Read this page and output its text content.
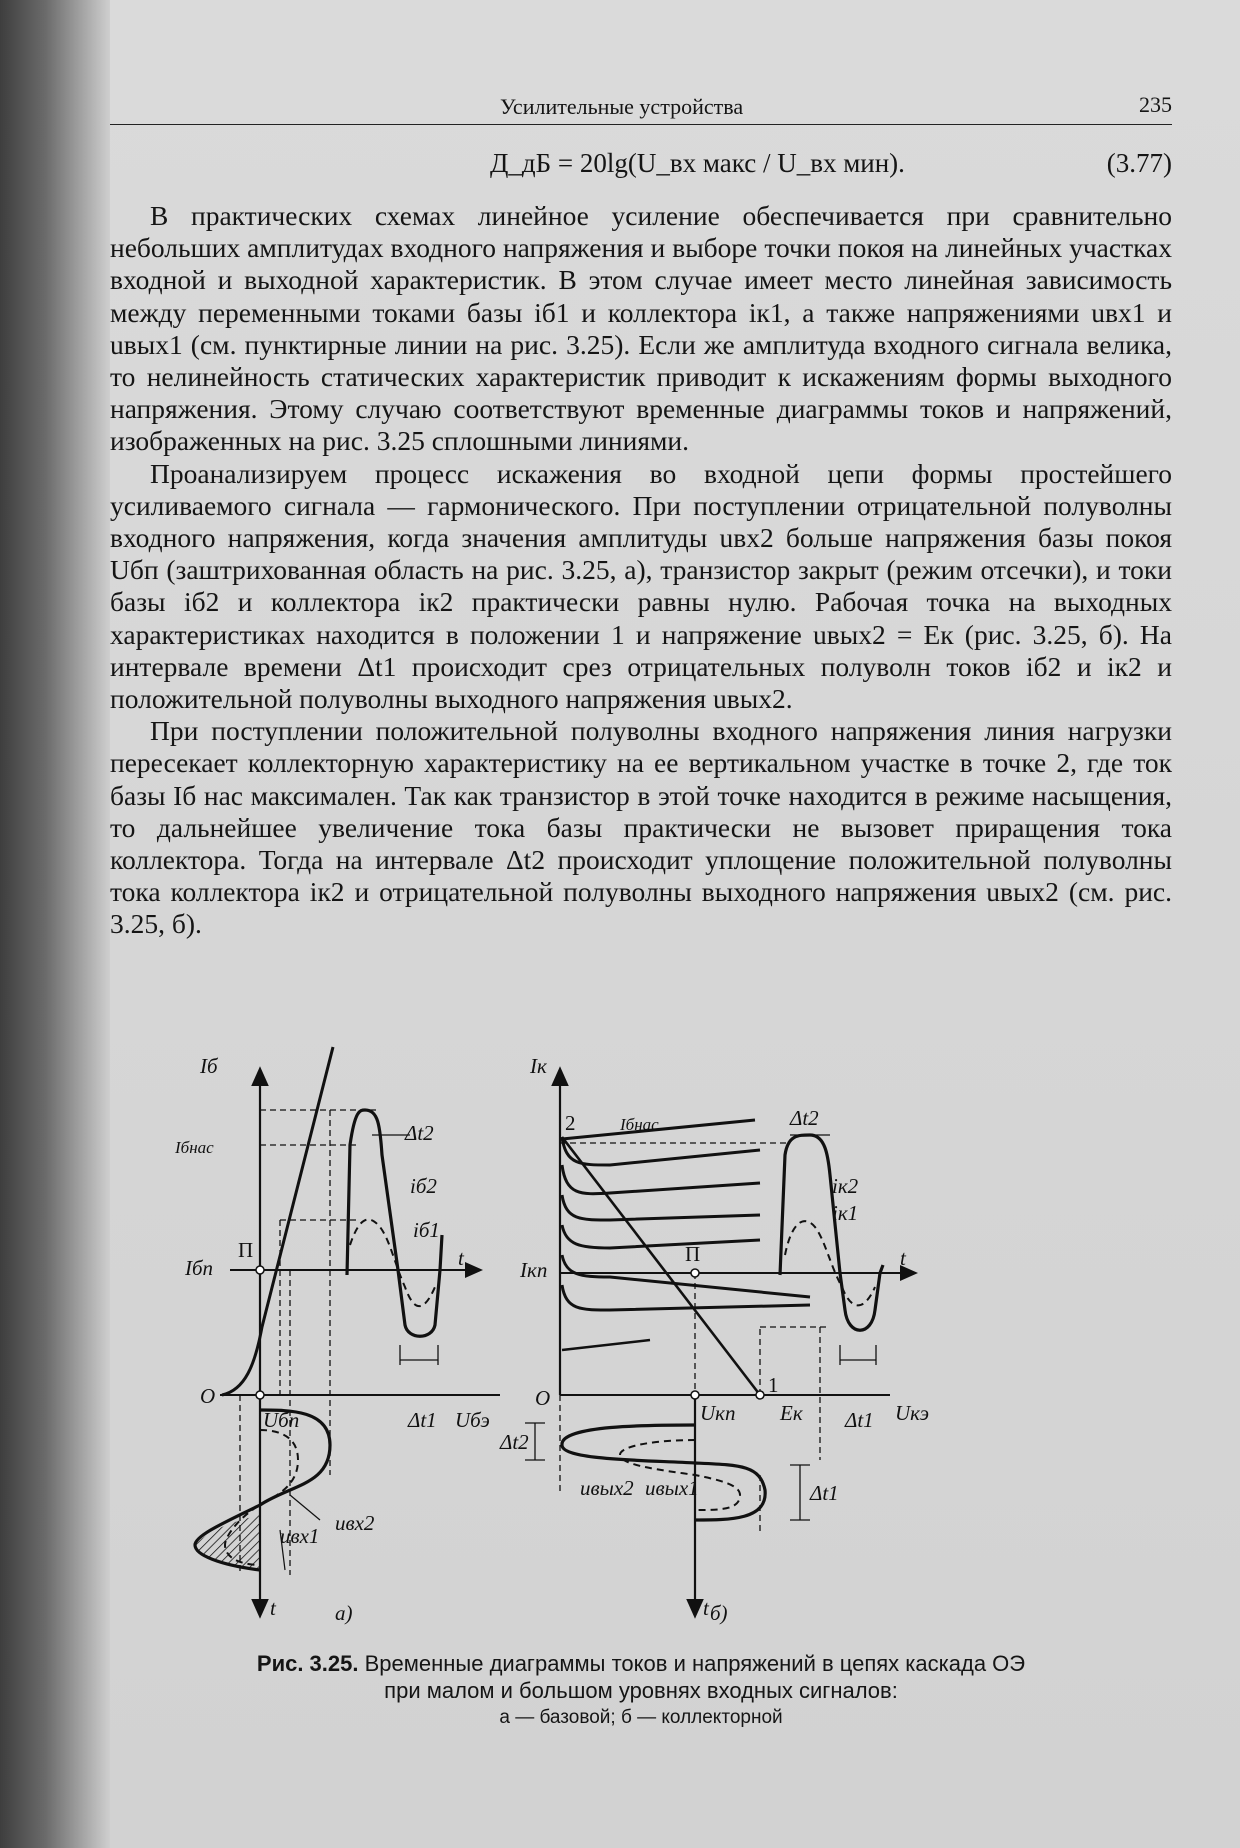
Усилительные устройства	235
Д_дБ = 20lg(U_вх макс / U_вх мин).	(3.77)

В практических схемах линейное усиление обеспечивается при сравнительно небольших амплитудах входного напряжения и выборе точки покоя на линейных участках входной и выходной характеристик. В этом случае имеет место линейная зависимость между переменными токами базы iб1 и коллектора iк1, а также напряжениями uвх1 и uвых1 (см. пунктирные линии на рис. 3.25). Если же амплитуда входного сигнала велика, то нелинейность статических характеристик приводит к искажениям формы выходного напряжения. Этому случаю соответствуют временные диаграммы токов и напряжений, изображенных на рис. 3.25 сплошными линиями.

Проанализируем процесс искажения во входной цепи формы простейшего усиливаемого сигнала — гармонического. При поступлении отрицательной полуволны входного напряжения, когда значения амплитуды uвх2 больше напряжения базы покоя Uбп (заштрихованная область на рис. 3.25, а), транзистор закрыт (режим отсечки), и токи базы iб2 и коллектора iк2 практически равны нулю. Рабочая точка на выходных характеристиках находится в положении 1 и напряжение uвых2 = Eк (рис. 3.25, б). На интервале времени Δt1 происходит срез отрицательных полуволн токов iб2 и iк2 и положительной полуволны выходного напряжения uвых2.

При поступлении положительной полуволны входного напряжения линия нагрузки пересекает коллекторную характеристику на ее вертикальном участке в точке 2, где ток базы Iб нас максимален. Так как транзистор в этой точке находится в режиме насыщения, то дальнейшее увеличение тока базы практически не вызовет приращения тока коллектора. Тогда на интервале Δt2 происходит уплощение положительной полуволны тока коллектора iк2 и отрицательной полуволны выходного напряжения uвых2 (см. рис. 3.25, б).

Iб
Iбнас
Iбп
П
O
Uбп	Uбэ
t
t
Δt2
Δt1
iб2
iб1
uвх2
uвх1
а)
Iк
2	Iбнас
Iкп
П
O
Uкп Eк
1
Uкэ
t
t
Δt2
Δt1
Δt2
Δt1
iк2
iк1
uвых2 uвых1
б)
Рис. 3.25. Временные диаграммы токов и напряжений в цепях каскада ОЭ
при малом и большом уровнях входных сигналов:
а — базовой; б — коллекторной
